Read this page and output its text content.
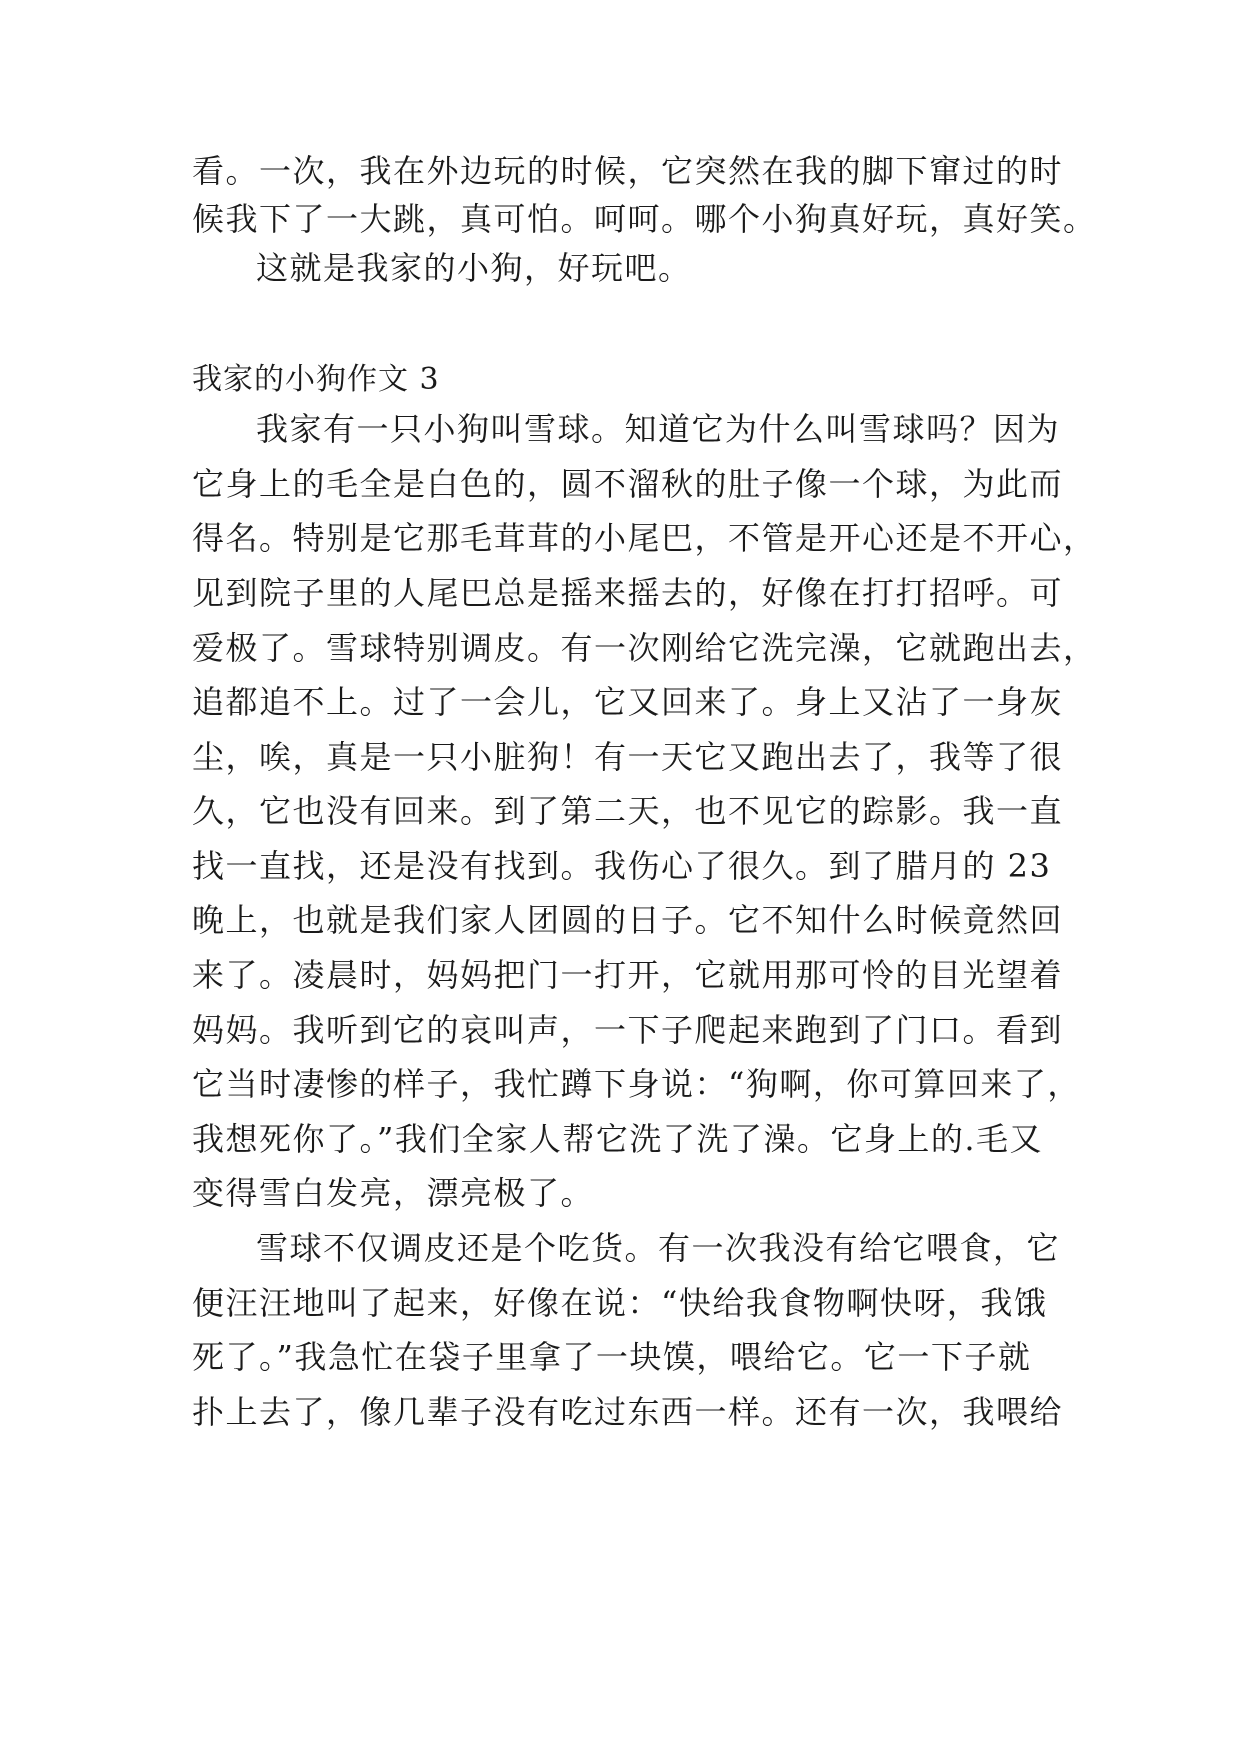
看。一次，我在外边玩的时候，它突然在我的脚下窜过的时
候我下了一大跳，真可怕。呵呵。哪个小狗真好玩，真好笑。
这就是我家的小狗，好玩吧。
我家的小狗作文 3
我家有一只小狗叫雪球。知道它为什么叫雪球吗？因为
它身上的毛全是白色的，圆不溜秋的肚子像一个球，为此而
得名。特别是它那毛茸茸的小尾巴，不管是开心还是不开心，
见到院子里的人尾巴总是摇来摇去的，好像在打打招呼。可
爱极了。雪球特别调皮。有一次刚给它洗完澡，它就跑出去，
追都追不上。过了一会儿，它又回来了。身上又沾了一身灰
尘，唉，真是一只小脏狗！有一天它又跑出去了，我等了很
久，它也没有回来。到了第二天，也不见它的踪影。我一直
找一直找，还是没有找到。我伤心了很久。到了腊月的 23
晚上，也就是我们家人团圆的日子。它不知什么时候竟然回
来了。凌晨时，妈妈把门一打开，它就用那可怜的目光望着
妈妈。我听到它的哀叫声，一下子爬起来跑到了门口。看到
它当时凄惨的样子，我忙蹲下身说：“狗啊，你可算回来了，
我想死你了。”我们全家人帮它洗了洗了澡。它身上的.毛又
变得雪白发亮，漂亮极了。
雪球不仅调皮还是个吃货。有一次我没有给它喂食，它
便汪汪地叫了起来，好像在说：“快给我食物啊快呀，我饿
死了。”我急忙在袋子里拿了一块馍，喂给它。它一下子就
扑上去了，像几辈子没有吃过东西一样。还有一次，我喂给
